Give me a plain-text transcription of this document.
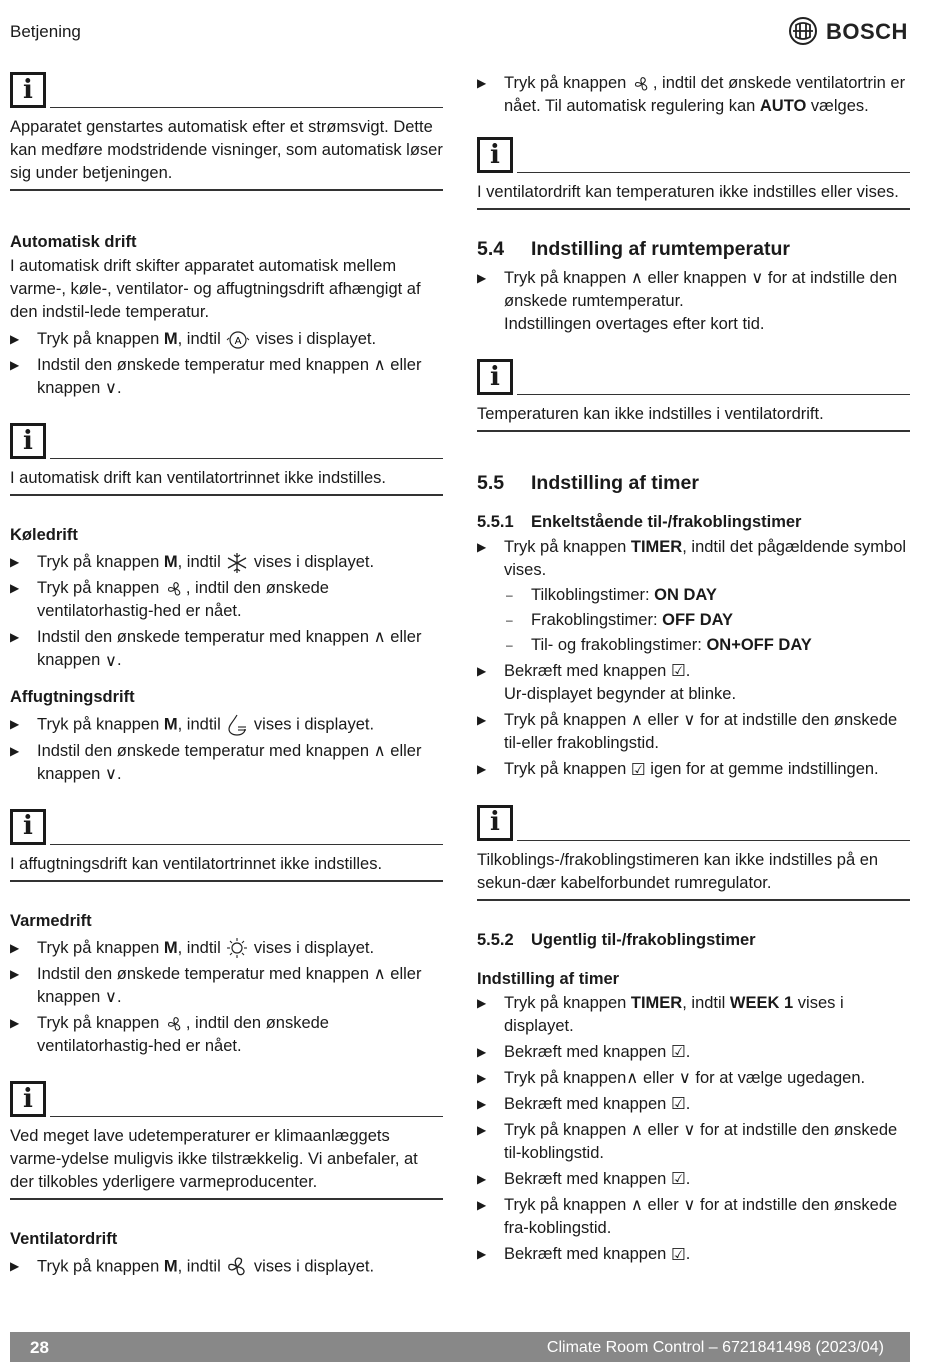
Betjening	BOSCH
i

Apparatet genstartes automatisk efter et strømsvigt. Dette kan medføre modstridende visninger, som automatisk løser sig under betjeningen.

Automatisk drift

I automatisk drift skifter apparatet automatisk mellem varme-, køle-, ventilator- og affugtningsdrift afhængigt af den indstil-lede temperatur.

▶ Tryk på knappen M, indtil A vises i displayet.
▶ Indstil den ønskede temperatur med knappen ∧ eller knappen ∨.
i

I automatisk drift kan ventilatortrinnet ikke indstilles.

Køledrift

▶ Tryk på knappen M, indtil  vises i displayet.
▶ Tryk på knappen , indtil den ønskede ventilatorhastig-hed er nået.
▶ Indstil den ønskede temperatur med knappen ∧ eller knappen ∨.

Affugtningsdrift

▶ Tryk på knappen M, indtil  vises i displayet.
▶ Indstil den ønskede temperatur med knappen ∧ eller knappen ∨.
i

I affugtningsdrift kan ventilatortrinnet ikke indstilles.

Varmedrift

▶ Tryk på knappen M, indtil  vises i displayet.
▶ Indstil den ønskede temperatur med knappen ∧ eller knappen ∨.
▶ Tryk på knappen , indtil den ønskede ventilatorhastig-hed er nået.
i

Ved meget lave udetemperaturer er klimaanlæggets varme-ydelse muligvis ikke tilstrækkelig. Vi anbefaler, at der tilkobles yderligere varmeproducenter.

Ventilatordrift

▶ Tryk på knappen M, indtil  vises i displayet.
▶ Tryk på knappen , indtil det ønskede ventilatortrin er nået. Til automatisk regulering kan AUTO vælges.
i

I ventilatordrift kan temperaturen ikke indstilles eller vises.

5.4	Indstilling af rumtemperatur
▶ Tryk på knappen ∧ eller knappen ∨ for at indstille den ønskede rumtemperatur.
Indstillingen overtages efter kort tid.
i

Temperaturen kan ikke indstilles i ventilatordrift.

5.5	Indstilling af timer
5.5.1	Enkeltstående til-/frakoblingstimer
▶ Tryk på knappen TIMER, indtil det pågældende symbol vises.
– Tilkoblingstimer: ON DAY
– Frakoblingstimer: OFF DAY
– Til- og frakoblingstimer: ON+OFF DAY
▶ Bekræft med knappen ☑.
Ur-displayet begynder at blinke.
▶ Tryk på knappen ∧ eller ∨ for at indstille den ønskede til-eller frakoblingstid.
▶ Tryk på knappen ☑ igen for at gemme indstillingen.
i

Tilkoblings-/frakoblingstimeren kan ikke indstilles på en sekun-dær kabelforbundet rumregulator.

5.5.2	Ugentlig til-/frakoblingstimer

Indstilling af timer

▶ Tryk på knappen TIMER, indtil WEEK 1 vises i displayet.
▶ Bekræft med knappen ☑.
▶ Tryk på knappen∧ eller ∨ for at vælge ugedagen.
▶ Bekræft med knappen ☑.
▶ Tryk på knappen ∧ eller ∨ for at indstille den ønskede til-koblingstid.
▶ Bekræft med knappen ☑.
▶ Tryk på knappen ∧ eller ∨ for at indstille den ønskede fra-koblingstid.
▶ Bekræft med knappen ☑.
28	Climate Room Control – 6721841498 (2023/04)
